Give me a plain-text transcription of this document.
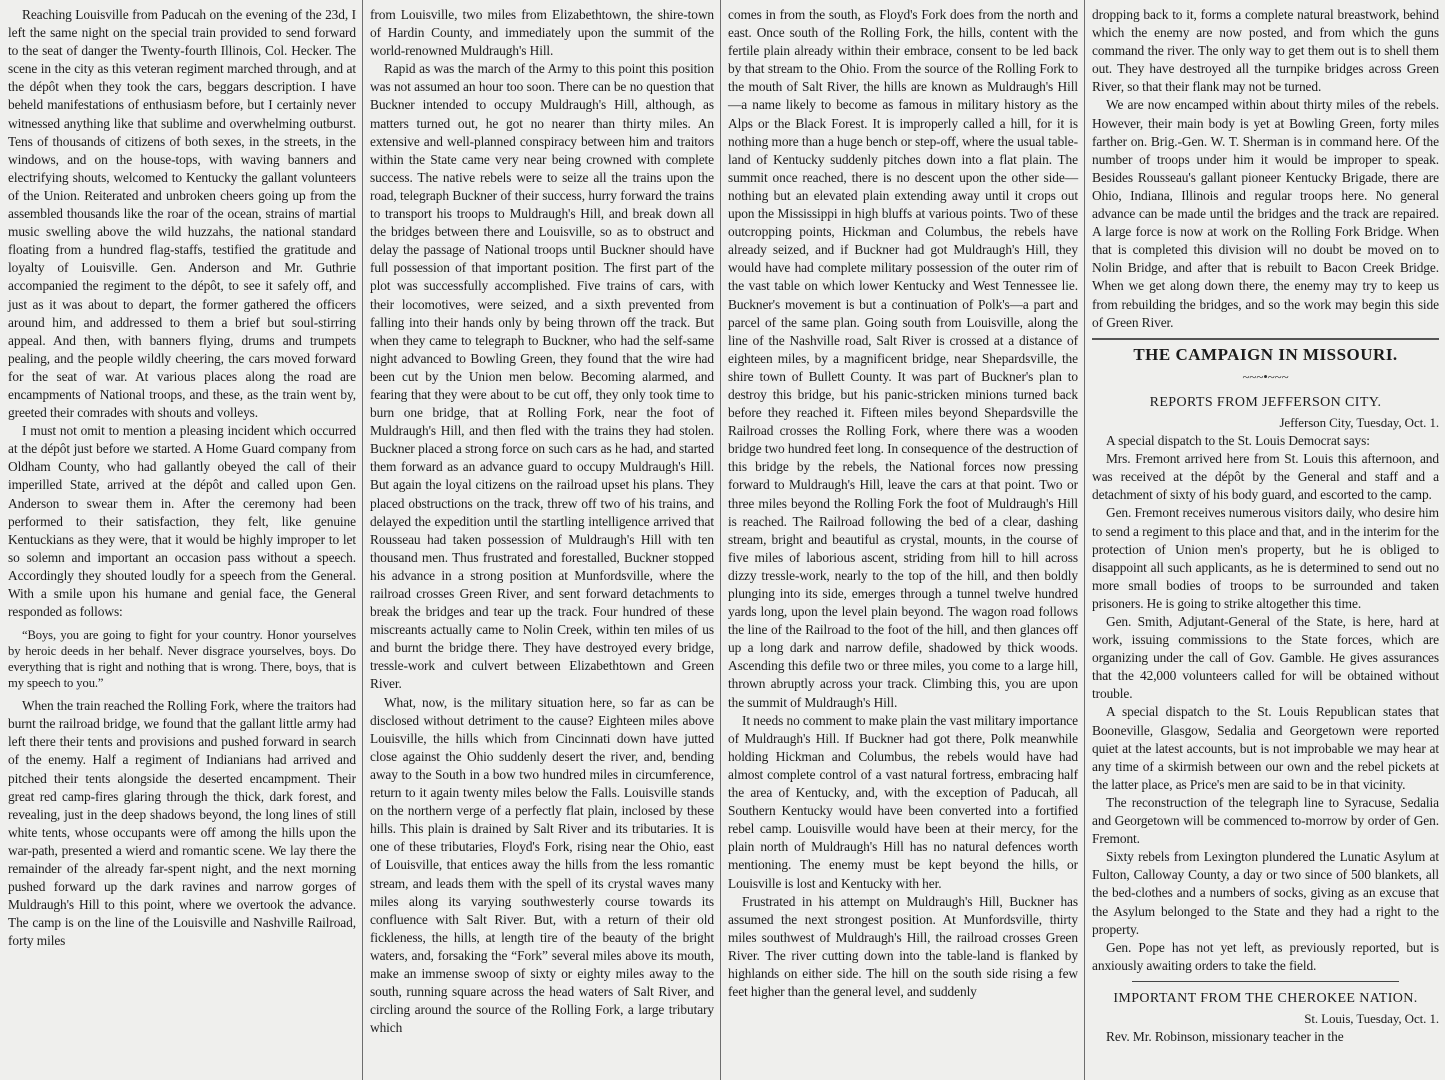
Reaching Louisville from Paducah on the evening of the 23d, I left the same night on the special train provided to send forward to the seat of danger the Twenty-fourth Illinois, Col. Hecker. The scene in the city as this veteran regiment marched through, and at the dépôt when they took the cars, beggars description. I have beheld manifestations of enthusiasm before, but I certainly never witnessed anything like that sublime and overwhelming outburst. Tens of thousands of citizens of both sexes, in the streets, in the windows, and on the house-tops, with waving banners and electrifying shouts, welcomed to Kentucky the gallant volunteers of the Union. Reiterated and unbroken cheers going up from the assembled thousands like the roar of the ocean, strains of martial music swelling above the wild huzzahs, the national standard floating from a hundred flag-staffs, testified the gratitude and loyalty of Louisville. Gen. Anderson and Mr. Guthrie accompanied the regiment to the dépôt, to see it safely off, and just as it was about to depart, the former gathered the officers around him, and addressed to them a brief but soul-stirring appeal. And then, with banners flying, drums and trumpets pealing, and the people wildly cheering, the cars moved forward for the seat of war. At various places along the road are encampments of National troops, and these, as the train went by, greeted their comrades with shouts and volleys.

I must not omit to mention a pleasing incident which occurred at the dépôt just before we started. A Home Guard company from Oldham County, who had gallantly obeyed the call of their imperilled State, arrived at the dépôt and called upon Gen. Anderson to swear them in. After the ceremony had been performed to their satisfaction, they felt, like genuine Kentuckians as they were, that it would be highly improper to let so solemn and important an occasion pass without a speech. Accordingly they shouted loudly for a speech from the General. With a smile upon his humane and genial face, the General responded as follows:

“Boys, you are going to fight for your country. Honor yourselves by heroic deeds in her behalf. Never disgrace yourselves, boys. Do everything that is right and nothing that is wrong. There, boys, that is my speech to you.”

When the train reached the Rolling Fork, where the traitors had burnt the railroad bridge, we found that the gallant little army had left there their tents and provisions and pushed forward in search of the enemy. Half a regiment of Indianians had arrived and pitched their tents alongside the deserted encampment. Their great red camp-fires glaring through the thick, dark forest, and revealing, just in the deep shadows beyond, the long lines of still white tents, whose occupants were off among the hills upon the war-path, presented a wierd and romantic scene. We lay there the remainder of the already far-spent night, and the next morning pushed forward up the dark ravines and narrow gorges of Muldraugh's Hill to this point, where we overtook the advance. The camp is on the line of the Louisville and Nashville Railroad, forty miles

from Louisville, two miles from Elizabethtown, the shire-town of Hardin County, and immediately upon the summit of the world-renowned Muldraugh's Hill.

Rapid as was the march of the Army to this point this position was not assumed an hour too soon. There can be no question that Buckner intended to occupy Muldraugh's Hill, although, as matters turned out, he got no nearer than thirty miles. An extensive and well-planned conspiracy between him and traitors within the State came very near being crowned with complete success. The native rebels were to seize all the trains upon the road, telegraph Buckner of their success, hurry forward the trains to transport his troops to Muldraugh's Hill, and break down all the bridges between there and Louisville, so as to obstruct and delay the passage of National troops until Buckner should have full possession of that important position. The first part of the plot was successfully accomplished. Five trains of cars, with their locomotives, were seized, and a sixth prevented from falling into their hands only by being thrown off the track. But when they came to telegraph to Buckner, who had the self-same night advanced to Bowling Green, they found that the wire had been cut by the Union men below. Becoming alarmed, and fearing that they were about to be cut off, they only took time to burn one bridge, that at Rolling Fork, near the foot of Muldraugh's Hill, and then fled with the trains they had stolen. Buckner placed a strong force on such cars as he had, and started them forward as an advance guard to occupy Muldraugh's Hill. But again the loyal citizens on the railroad upset his plans. They placed obstructions on the track, threw off two of his trains, and delayed the expedition until the startling intelligence arrived that Rousseau had taken possession of Muldraugh's Hill with ten thousand men. Thus frustrated and forestalled, Buckner stopped his advance in a strong position at Munfordsville, where the railroad crosses Green River, and sent forward detachments to break the bridges and tear up the track. Four hundred of these miscreants actually came to Nolin Creek, within ten miles of us and burnt the bridge there. They have destroyed every bridge, tressle-work and culvert between Elizabethtown and Green River.

What, now, is the military situation here, so far as can be disclosed without detriment to the cause? Eighteen miles above Louisville, the hills which from Cincinnati down have jutted close against the Ohio suddenly desert the river, and, bending away to the South in a bow two hundred miles in circumference, return to it again twenty miles below the Falls. Louisville stands on the northern verge of a perfectly flat plain, inclosed by these hills. This plain is drained by Salt River and its tributaries. It is one of these tributaries, Floyd's Fork, rising near the Ohio, east of Louisville, that entices away the hills from the less romantic stream, and leads them with the spell of its crystal waves many miles along its varying southwesterly course towards its confluence with Salt River. But, with a return of their old fickleness, the hills, at length tire of the beauty of the bright waters, and, forsaking the “Fork” several miles above its mouth, make an immense swoop of sixty or eighty miles away to the south, running square across the head waters of Salt River, and circling around the source of the Rolling Fork, a large tributary which

comes in from the south, as Floyd's Fork does from the north and east. Once south of the Rolling Fork, the hills, content with the fertile plain already within their embrace, consent to be led back by that stream to the Ohio. From the source of the Rolling Fork to the mouth of Salt River, the hills are known as Muldraugh's Hill—a name likely to become as famous in military history as the Alps or the Black Forest. It is improperly called a hill, for it is nothing more than a huge bench or step-off, where the usual table-land of Kentucky suddenly pitches down into a flat plain. The summit once reached, there is no descent upon the other side—nothing but an elevated plain extending away until it crops out upon the Mississippi in high bluffs at various points. Two of these outcropping points, Hickman and Columbus, the rebels have already seized, and if Buckner had got Muldraugh's Hill, they would have had complete military possession of the outer rim of the vast table on which lower Kentucky and West Tennessee lie. Buckner's movement is but a continuation of Polk's—a part and parcel of the same plan. Going south from Louisville, along the line of the Nashville road, Salt River is crossed at a distance of eighteen miles, by a magnificent bridge, near Shepardsville, the shire town of Bullett County. It was part of Buckner's plan to destroy this bridge, but his panic-stricken minions turned back before they reached it. Fifteen miles beyond Shepardsville the Railroad crosses the Rolling Fork, where there was a wooden bridge two hundred feet long. In consequence of the destruction of this bridge by the rebels, the National forces now pressing forward to Muldraugh's Hill, leave the cars at that point. Two or three miles beyond the Rolling Fork the foot of Muldraugh's Hill is reached. The Railroad following the bed of a clear, dashing stream, bright and beautiful as crystal, mounts, in the course of five miles of laborious ascent, striding from hill to hill across dizzy tressle-work, nearly to the top of the hill, and then boldly plunging into its side, emerges through a tunnel twelve hundred yards long, upon the level plain beyond. The wagon road follows the line of the Railroad to the foot of the hill, and then glances off up a long dark and narrow defile, shadowed by thick woods. Ascending this defile two or three miles, you come to a large hill, thrown abruptly across your track. Climbing this, you are upon the summit of Muldraugh's Hill.

It needs no comment to make plain the vast military importance of Muldraugh's Hill. If Buckner had got there, Polk meanwhile holding Hickman and Columbus, the rebels would have had almost complete control of a vast natural fortress, embracing half the area of Kentucky, and, with the exception of Paducah, all Southern Kentucky would have been converted into a fortified rebel camp. Louisville would have been at their mercy, for the plain north of Muldraugh's Hill has no natural defences worth mentioning. The enemy must be kept beyond the hills, or Louisville is lost and Kentucky with her.

Frustrated in his attempt on Muldraugh's Hill, Buckner has assumed the next strongest position. At Munfordsville, thirty miles southwest of Muldraugh's Hill, the railroad crosses Green River. The river cutting down into the table-land is flanked by highlands on either side. The hill on the south side rising a few feet higher than the general level, and suddenly

dropping back to it, forms a complete natural breastwork, behind which the enemy are now posted, and from which the guns command the river. The only way to get them out is to shell them out. They have destroyed all the turnpike bridges across Green River, so that their flank may not be turned.

We are now encamped within about thirty miles of the rebels. However, their main body is yet at Bowling Green, forty miles farther on. Brig.-Gen. W. T. Sherman is in command here. Of the number of troops under him it would be improper to speak. Besides Rousseau's gallant pioneer Kentucky Brigade, there are Ohio, Indiana, Illinois and regular troops here. No general advance can be made until the bridges and the track are repaired. A large force is now at work on the Rolling Fork Bridge. When that is completed this division will no doubt be moved on to Nolin Bridge, and after that is rebuilt to Bacon Creek Bridge. When we get along down there, the enemy may try to keep us from rebuilding the bridges, and so the work may begin this side of Green River.

THE CAMPAIGN IN MISSOURI.
~~~•~~~
REPORTS FROM JEFFERSON CITY.

Jefferson City, Tuesday, Oct. 1.

A special dispatch to the St. Louis Democrat says:

Mrs. Fremont arrived here from St. Louis this afternoon, and was received at the dépôt by the General and staff and a detachment of sixty of his body guard, and escorted to the camp.

Gen. Fremont receives numerous visitors daily, who desire him to send a regiment to this place and that, and in the interim for the protection of Union men's property, but he is obliged to disappoint all such applicants, as he is determined to send out no more small bodies of troops to be surrounded and taken prisoners. He is going to strike altogether this time.

Gen. Smith, Adjutant-General of the State, is here, hard at work, issuing commissions to the State forces, which are organizing under the call of Gov. Gamble. He gives assurances that the 42,000 volunteers called for will be obtained without trouble.

A special dispatch to the St. Louis Republican states that Booneville, Glasgow, Sedalia and Georgetown were reported quiet at the latest accounts, but is not improbable we may hear at any time of a skirmish between our own and the rebel pickets at the latter place, as Price's men are said to be in that vicinity.

The reconstruction of the telegraph line to Syracuse, Sedalia and Georgetown will be commenced to-morrow by order of Gen. Fremont.

Sixty rebels from Lexington plundered the Lunatic Asylum at Fulton, Calloway County, a day or two since of 500 blankets, all the bed-clothes and a numbers of socks, giving as an excuse that the Asylum belonged to the State and they had a right to the property.

Gen. Pope has not yet left, as previously reported, but is anxiously awaiting orders to take the field.

IMPORTANT FROM THE CHEROKEE NATION.

St. Louis, Tuesday, Oct. 1.

Rev. Mr. Robinson, missionary teacher in the
